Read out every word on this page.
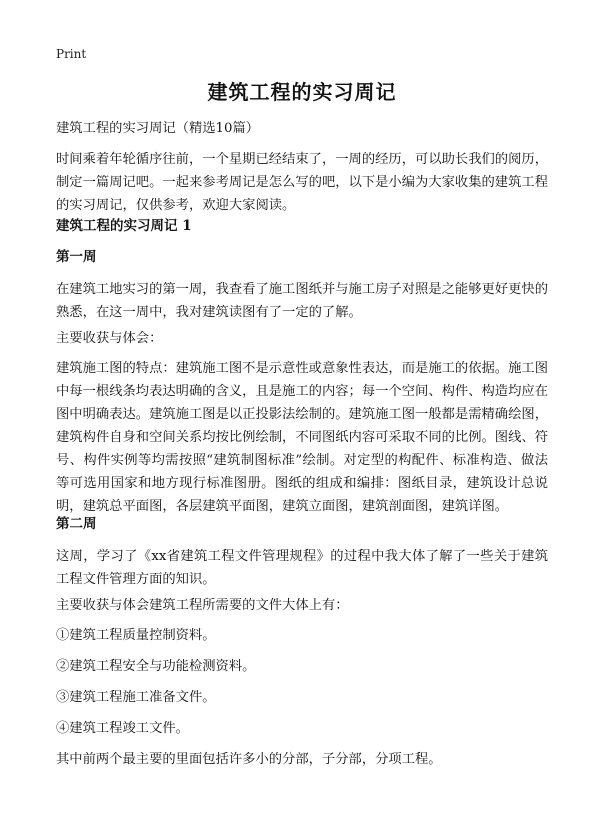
Print
建筑工程的实习周记

建筑工程的实习周记（精选10篇）

时间乘着年轮循序往前，一个星期已经结束了，一周的经历，可以助长我们的阅历，制定一篇周记吧。一起来参考周记是怎么写的吧，以下是小编为大家收集的建筑工程的实习周记，仅供参考，欢迎大家阅读。

建筑工程的实习周记 1
第一周

在建筑工地实习的第一周，我查看了施工图纸并与施工房子对照是之能够更好更快的熟悉，在这一周中，我对建筑读图有了一定的了解。

主要收获与体会：

建筑施工图的特点：建筑施工图不是示意性或意象性表达，而是施工的依据。施工图中每一根线条均表达明确的含义，且是施工的内容；每一个空间、构件、构造均应在图中明确表达。建筑施工图是以正投影法绘制的。建筑施工图一般都是需精确绘图，建筑构件自身和空间关系均按比例绘制，不同图纸内容可采取不同的比例。图线、符号、构件实例等均需按照“建筑制图标准”绘制。对定型的构配件、标准构造、做法等可选用国家和地方现行标准图册。图纸的组成和编排：图纸目录，建筑设计总说明，建筑总平面图，各层建筑平面图，建筑立面图，建筑剖面图，建筑详图。

第二周

这周，学习了《xx省建筑工程文件管理规程》的过程中我大体了解了一些关于建筑工程文件管理方面的知识。

主要收获与体会建筑工程所需要的文件大体上有：

①建筑工程质量控制资料。

②建筑工程安全与功能检测资料。

③建筑工程施工准备文件。

④建筑工程竣工文件。

其中前两个最主要的里面包括许多小的分部，子分部，分项工程。
